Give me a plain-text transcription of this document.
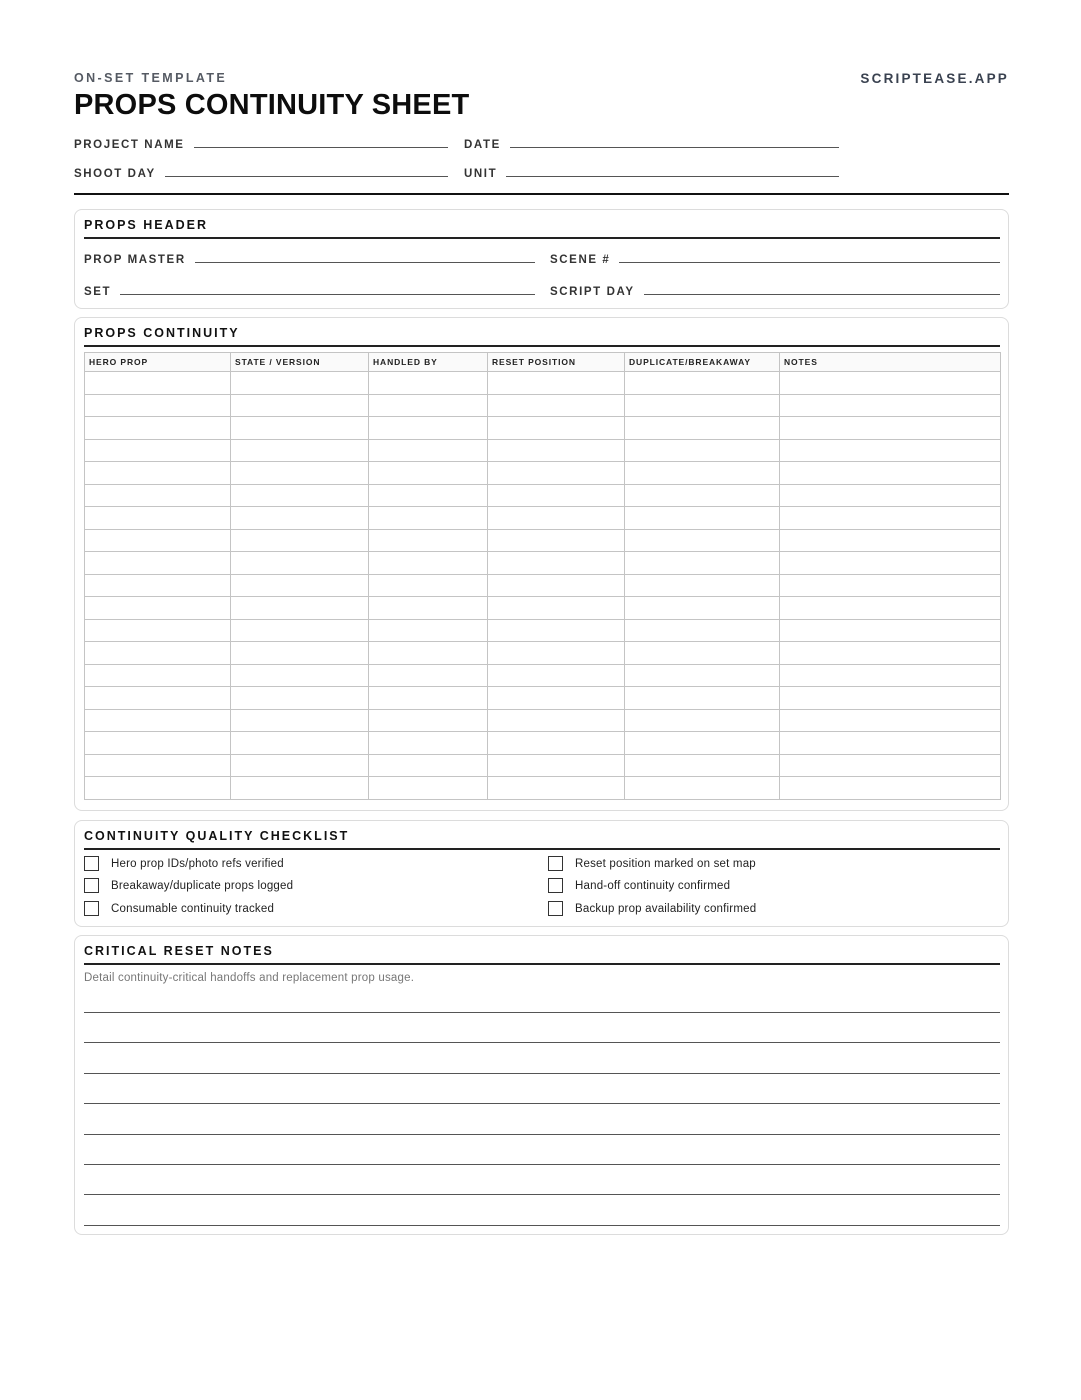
ON-SET TEMPLATE	SCRIPTEASE.APP
PROPS CONTINUITY SHEET
PROJECT NAME	DATE
SHOOT DAY	UNIT
PROPS HEADER
PROP MASTER	SCENE #
SET	SCRIPT DAY
PROPS CONTINUITY
HERO PROP	STATE / VERSION	HANDLED BY	RESET POSITION	DUPLICATE/BREAKAWAY	NOTES

CONTINUITY QUALITY CHECKLIST
Hero prop IDs/photo refs verified
Breakaway/duplicate props logged
Consumable continuity tracked
Reset position marked on set map
Hand-off continuity confirmed
Backup prop availability confirmed
CRITICAL RESET NOTES
Detail continuity-critical handoffs and replacement prop usage.
